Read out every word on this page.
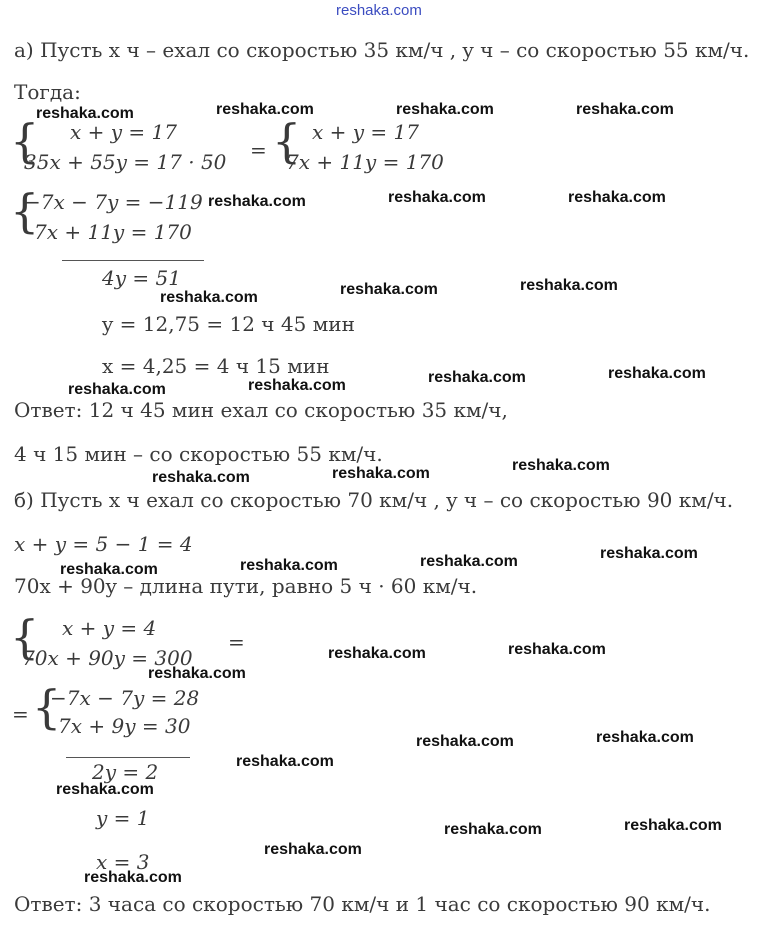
reshaka.com
а) Пусть x ч – ехал со скоростью 35 км/ч , y ч – со скоростью 55 км/ч.
Тогда:
{ x + y = 17
35x + 55y = 17 · 50 = { x + y = 17
7x + 11y = 170
{
−7x − 7y = −119
7x + 11y = 170
4y = 51
y = 12,75 = 12 ч 45 мин
x = 4,25 = 4 ч 15 мин
Ответ: 12 ч 45 мин ехал со скоростью 35 км/ч,
4 ч 15 мин – со скоростью 55 км/ч.
б) Пусть x ч ехал со скоростью 70 км/ч , y ч – со скоростью 90 км/ч.
x + y = 5 − 1 = 4
70x + 90y – длина пути, равно 5 ч · 60 км/ч.
{ x + y = 4
70x + 90y = 300
=
= {
−7x − 7y = 28
7x + 9y = 30
2y = 2
y = 1
x = 3
Ответ: 3 часа со скоростью 70 км/ч и 1 час со скоростью 90 км/ч.
reshaka.com	reshaka.com	reshaka.com	reshaka.com
reshaka.com	reshaka.com	reshaka.com
reshaka.com	reshaka.com	reshaka.com
reshaka.com	reshaka.com	reshaka.com	reshaka.com
reshaka.com	reshaka.com	reshaka.com
reshaka.com	reshaka.com	reshaka.com	reshaka.com
reshaka.com
reshaka.com	reshaka.com
reshaka.com
reshaka.com	reshaka.com
reshaka.com
reshaka.com	reshaka.com
reshaka.com
reshaka.com
